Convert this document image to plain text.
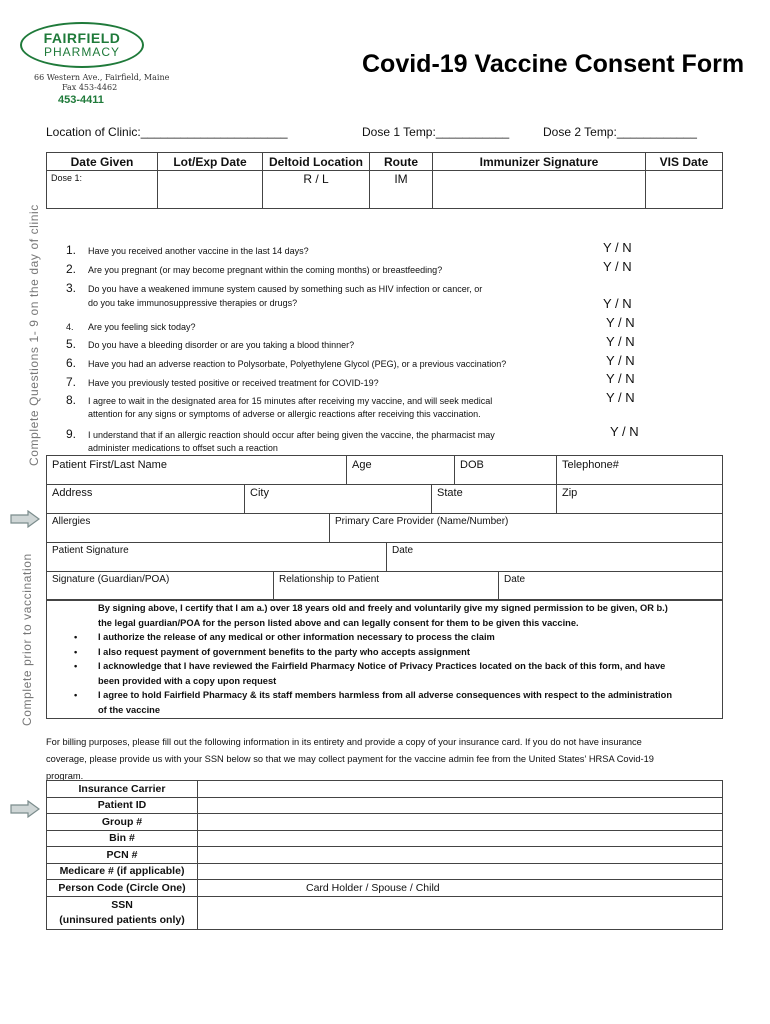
FAIRFIELD
PHARMACY
66 Western Ave., Fairfield, Maine
Fax 453-4462
453-4411
Covid-19 Vaccine Consent Form
Location of Clinic:______________________	Dose 1 Temp:___________	Dose 2 Temp:____________
Date Given	Lot/Exp Date	Deltoid Location	Route	Immunizer Signature	VIS Date
Dose 1:		R / L	IM		
Complete Questions 1- 9 on the day of clinic
Complete prior to vaccination
1. Have you received another vaccine in the last 14 days?	Y / N
2. Are you pregnant (or may become pregnant within the coming months) or breastfeeding?	Y / N
3. Do you have a weakened immune system caused by something such as HIV infection or cancer, or
do you take immunosuppressive therapies or drugs?	Y / N
4. Are you feeling sick today?	Y / N
5. Do you have a bleeding disorder or are you taking a blood thinner?	Y / N
6. Have you had an adverse reaction to Polysorbate, Polyethylene Glycol (PEG), or a previous vaccination?	Y / N
7. Have you previously tested positive or received treatment for COVID-19?	Y / N
8. I agree to wait in the designated area for 15 minutes after receiving my vaccine, and will seek medical
attention for any signs or symptoms of adverse or allergic reactions after receiving this vaccination.
Y / N
9. I understand that if an allergic reaction should occur after being given the vaccine, the pharmacist may
administer medications to offset such a reaction
Y / N
Patient First/Last Name	Age	DOB	Telephone#
Address	City	State	Zip
Allergies	Primary Care Provider (Name/Number)
Patient Signature	Date
Signature (Guardian/POA)	Relationship to Patient	Date
By signing above, I certify that I am a.) over 18 years old and freely and voluntarily give my signed permission to be given, OR b.)
the legal guardian/POA for the person listed above and can legally consent for them to be given this vaccine.
• I authorize the release of any medical or other information necessary to process the claim
• I also request payment of government benefits to the party who accepts assignment
• I acknowledge that I have reviewed the Fairfield Pharmacy Notice of Privacy Practices located on the back of this form, and have
been provided with a copy upon request
• I agree to hold Fairfield Pharmacy & its staff members harmless from all adverse consequences with respect to the administration
of the vaccine
For billing purposes, please fill out the following information in its entirety and provide a copy of your insurance card. If you do not have insurance
coverage, please provide us with your SSN below so that we may collect payment for the vaccine admin fee from the United States' HRSA Covid-19
program.
Insurance Carrier	
Patient ID	
Group #	
Bin #	
PCN #	
Medicare # (if applicable)	
Person Code (Circle One)	Card Holder / Spouse / Child

SSN
(uninsured patients only)	
